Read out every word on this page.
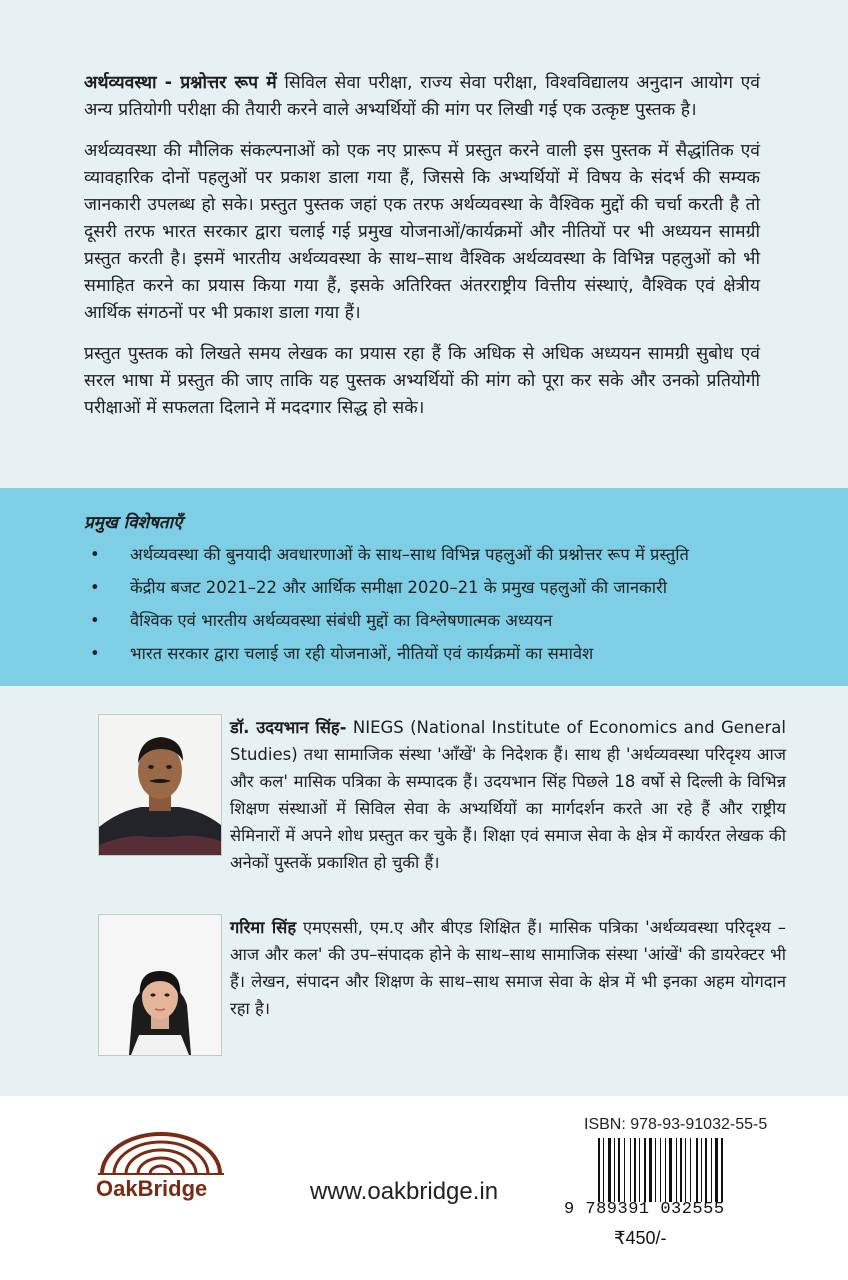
अर्थव्यवस्था - प्रश्नोत्तर रूप में सिविल सेवा परीक्षा, राज्य सेवा परीक्षा, विश्वविद्यालय अनुदान आयोग एवं अन्य प्रतियोगी परीक्षा की तैयारी करने वाले अभ्यर्थियों की मांग पर लिखी गई एक उत्कृष्ट पुस्तक है।

अर्थव्यवस्था की मौलिक संकल्पनाओं को एक नए प्रारूप में प्रस्तुत करने वाली इस पुस्तक में सैद्धांतिक एवं व्यावहारिक दोनों पहलुओं पर प्रकाश डाला गया हैं, जिससे कि अभ्यर्थियों में विषय के संदर्भ की सम्यक जानकारी उपलब्ध हो सके। प्रस्तुत पुस्तक जहां एक तरफ अर्थव्यवस्था के वैश्विक मुद्दों की चर्चा करती है तो दूसरी तरफ भारत सरकार द्वारा चलाई गई प्रमुख योजनाओं/कार्यक्रमों और नीतियों पर भी अध्ययन सामग्री प्रस्तुत करती है। इसमें भारतीय अर्थव्यवस्था के साथ–साथ वैश्विक अर्थव्यवस्था के विभिन्न पहलुओं को भी समाहित करने का प्रयास किया गया हैं, इसके अतिरिक्त अंतरराष्ट्रीय वित्तीय संस्थाएं, वैश्विक एवं क्षेत्रीय आर्थिक संगठनों पर भी प्रकाश डाला गया हैं।

प्रस्तुत पुस्तक को लिखते समय लेखक का प्रयास रहा हैं कि अधिक से अधिक अध्ययन सामग्री सुबोध एवं सरल भाषा में प्रस्तुत की जाए ताकि यह पुस्तक अभ्यर्थियों की मांग को पूरा कर सके और उनको प्रतियोगी परीक्षाओं में सफलता दिलाने में मददगार सिद्ध हो सके।

प्रमुख विशेषताएँ
• अर्थव्यवस्था की बुनयादी अवधारणाओं के साथ–साथ विभिन्न पहलुओं की प्रश्नोत्तर रूप में प्रस्तुति
• केंद्रीय बजट 2021–22 और आर्थिक समीक्षा 2020–21 के प्रमुख पहलुओं की जानकारी
• वैश्विक एवं भारतीय अर्थव्यवस्था संबंधी मुद्दों का विश्लेषणात्मक अध्ययन
• भारत सरकार द्वारा चलाई जा रही योजनाओं, नीतियों एवं कार्यक्रमों का समावेश
डॉ. उदयभान सिंह- NIEGS (National Institute of Economics and General Studies) तथा सामाजिक संस्था 'आँखें' के निदेशक हैं। साथ ही 'अर्थव्यवस्था परिदृश्य आज और कल' मासिक पत्रिका के सम्पादक हैं। उदयभान सिंह पिछले 18 वर्षो से दिल्ली के विभिन्न शिक्षण संस्थाओं में सिविल सेवा के अभ्यर्थियों का मार्गदर्शन करते आ रहे हैं और राष्ट्रीय सेमिनारों में अपने शोध प्रस्तुत कर चुके हैं। शिक्षा एवं समाज सेवा के क्षेत्र में कार्यरत लेखक की अनेकों पुस्तकें प्रकाशित हो चुकी हैं।
गरिमा सिंह एमएससी, एम.ए और बीएड शिक्षित हैं। मासिक पत्रिका 'अर्थव्यवस्था परिदृश्य – आज और कल' की उप–संपादक होने के साथ–साथ सामाजिक संस्था 'आंखें' की डायरेक्टर भी हैं। लेखन, संपादन और शिक्षण के साथ–साथ समाज सेवा के क्षेत्र में भी इनका अहम योगदान रहा है।
OakBridge	www.oakbridge.in
ISBN: 978-93-91032-55-5
9 789391 032555
₹450/-
